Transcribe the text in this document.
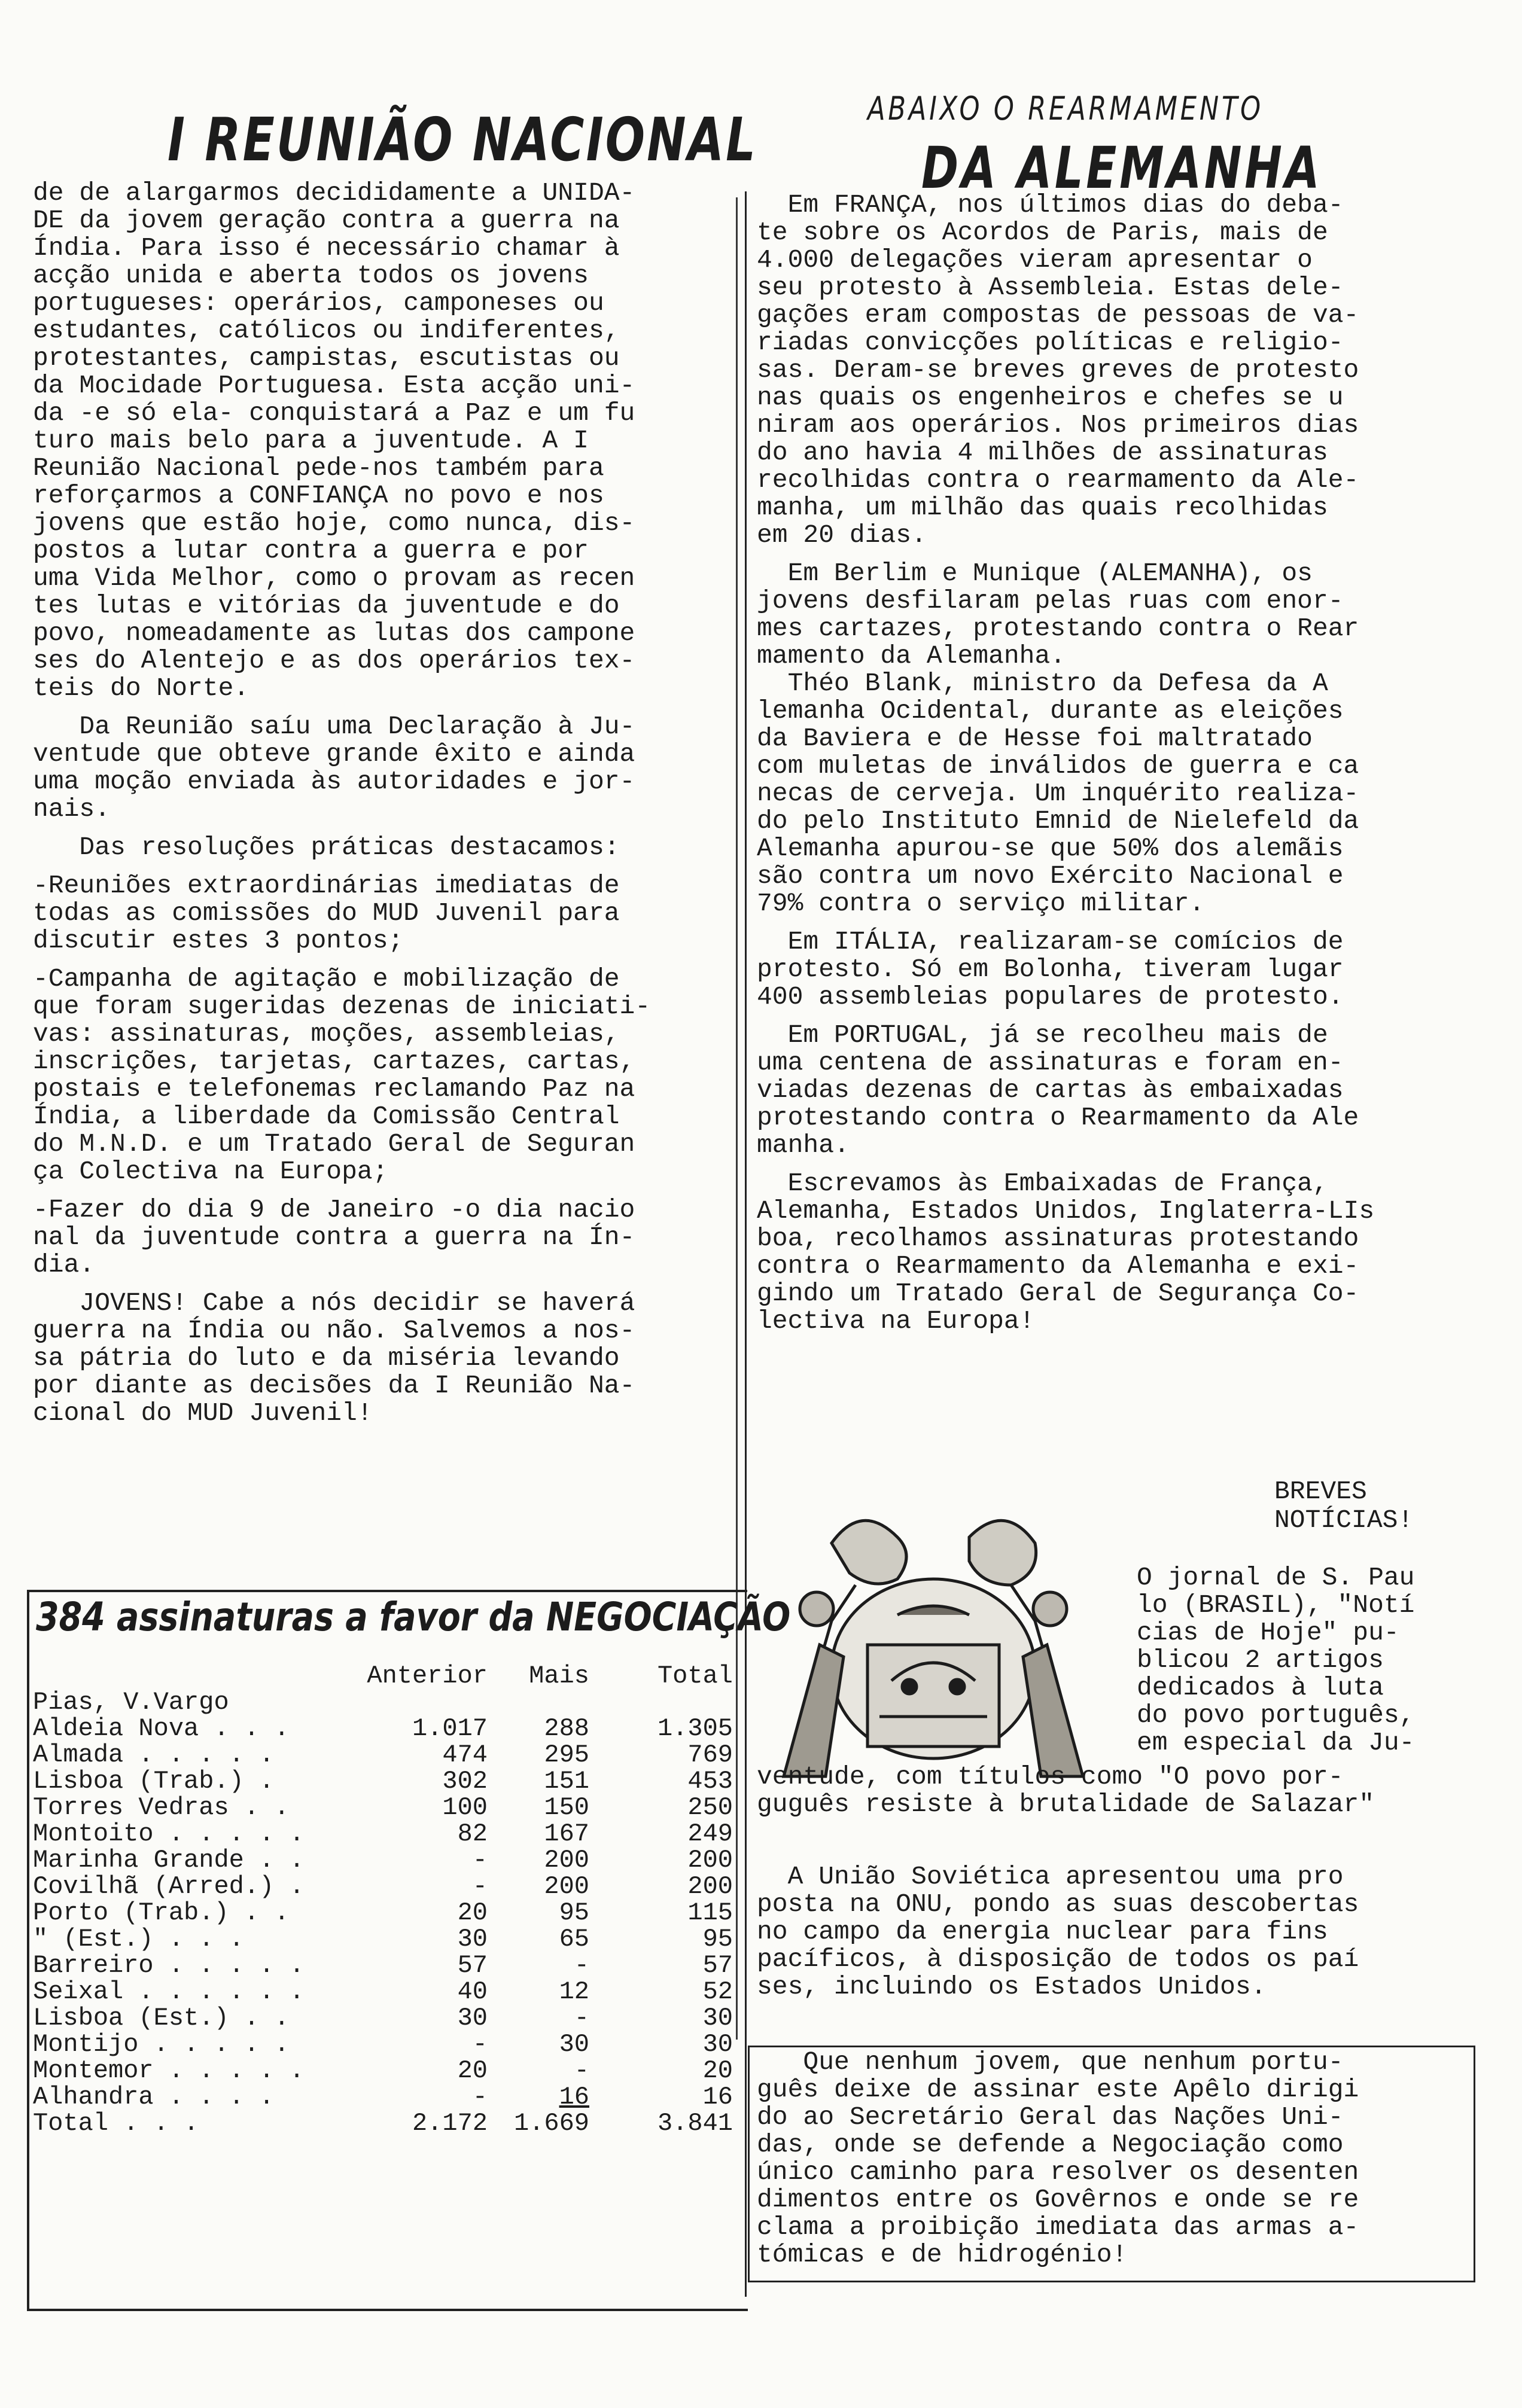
I REUNIÃO NACIONAL

de de alargarmos decididamente a UNIDA-
DE da jovem geração contra a guerra na
Índia. Para isso é necessário chamar à
acção unida e aberta todos os jovens
portugueses: operários, camponeses ou
estudantes, católicos ou indiferentes,
protestantes, campistas, escutistas ou
da Mocidade Portuguesa. Esta acção uni-
da -e só ela- conquistará a Paz e um fu
turo mais belo para a juventude. A I
Reunião Nacional pede-nos também para
reforçarmos a CONFIANÇA no povo e nos
jovens que estão hoje, como nunca, dis-
postos a lutar contra a guerra e por
uma Vida Melhor, como o provam as recen
tes lutas e vitórias da juventude e do
povo, nomeadamente as lutas dos campone
ses do Alentejo e as dos operários tex-
teis do Norte.

Da Reunião saíu uma Declaração à Ju-
ventude que obteve grande êxito e ainda
uma moção enviada às autoridades e jor-
nais.

Das resoluções práticas destacamos:

-Reuniões extraordinárias imediatas de
todas as comissões do MUD Juvenil para
discutir estes 3 pontos;

-Campanha de agitação e mobilização de
que foram sugeridas dezenas de iniciati-
vas: assinaturas, moções, assembleias,
inscrições, tarjetas, cartazes, cartas,
postais e telefonemas reclamando Paz na
Índia, a liberdade da Comissão Central
do M.N.D. e um Tratado Geral de Seguran
ça Colectiva na Europa;

-Fazer do dia 9 de Janeiro -o dia nacio
nal da juventude contra a guerra na Ín-
dia.

JOVENS! Cabe a nós decidir se haverá
guerra na Índia ou não. Salvemos a nos-
sa pátria do luto e da miséria levando
por diante as decisões da I Reunião Na-
cional do MUD Juvenil!

384 assinaturas a favor da NEGOCIAÇÃO
	Anterior	Mais	Total
Pias, V.Vargo			
Aldeia Nova . . .	1.017	288	1.305
Almada . . . . .	474	295	769
Lisboa (Trab.) .	302	151	453
Torres Vedras . .	100	150	250
Montoito . . . . .	82	167	249
Marinha Grande . .	-	200	200
Covilhã (Arred.) .	-	200	200
Porto (Trab.) . .	20	95	115
" (Est.) . . .	30	65	95
Barreiro . . . . .	57	-	57
Seixal . . . . . .	40	12	52
Lisboa (Est.) . .	30	-	30
Montijo . . . . .	-	30	30
Montemor . . . . .	20	-	20
Alhandra . . . .	-	16	16
Total . . .	2.172	1.669	3.841
ABAIXO O REARMAMENTO
DA ALEMANHA

Em FRANÇA, nos últimos dias do deba-
te sobre os Acordos de Paris, mais de
4.000 delegações vieram apresentar o
seu protesto à Assembleia. Estas dele-
gações eram compostas de pessoas de va-
riadas convicções políticas e religio-
sas. Deram-se breves greves de protesto
nas quais os engenheiros e chefes se u
niram aos operários. Nos primeiros dias
do ano havia 4 milhões de assinaturas
recolhidas contra o rearmamento da Ale-
manha, um milhão das quais recolhidas
em 20 dias.

Em Berlim e Munique (ALEMANHA), os
jovens desfilaram pelas ruas com enor-
mes cartazes, protestando contra o Rear
mamento da Alemanha.
Théo Blank, ministro da Defesa da A
lemanha Ocidental, durante as eleições
da Baviera e de Hesse foi maltratado
com muletas de inválidos de guerra e ca
necas de cerveja. Um inquérito realiza-
do pelo Instituto Emnid de Nielefeld da
Alemanha apurou-se que 50% dos alemãis
são contra um novo Exército Nacional e
79% contra o serviço militar.

Em ITÁLIA, realizaram-se comícios de
protesto. Só em Bolonha, tiveram lugar
400 assembleias populares de protesto.

Em PORTUGAL, já se recolheu mais de
uma centena de assinaturas e foram en-
viadas dezenas de cartas às embaixadas
protestando contra o Rearmamento da Ale
manha.

Escrevamos às Embaixadas de França,
Alemanha, Estados Unidos, Inglaterra-LIs
boa, recolhamos assinaturas protestando
contra o Rearmamento da Alemanha e exi-
gindo um Tratado Geral de Segurança Co-
lectiva na Europa!

BREVES
NOTÍCIAS!
O jornal de S. Pau
lo (BRASIL), "Notí
cias de Hoje" pu-
blicou 2 artigos
dedicados à luta
do povo português,
em especial da Ju-
ventude, com títulos como "O povo por-
guguês resiste à brutalidade de Salazar"
A União Soviética apresentou uma pro
posta na ONU, pondo as suas descobertas
no campo da energia nuclear para fins
pacíficos, à disposição de todos os paí
ses, incluindo os Estados Unidos.
Que nenhum jovem, que nenhum portu-
guês deixe de assinar este Apêlo dirigi
do ao Secretário Geral das Nações Uni-
das, onde se defende a Negociação como
único caminho para resolver os desenten
dimentos entre os Govêrnos e onde se re
clama a proibição imediata das armas a-
tómicas e de hidrogénio!
